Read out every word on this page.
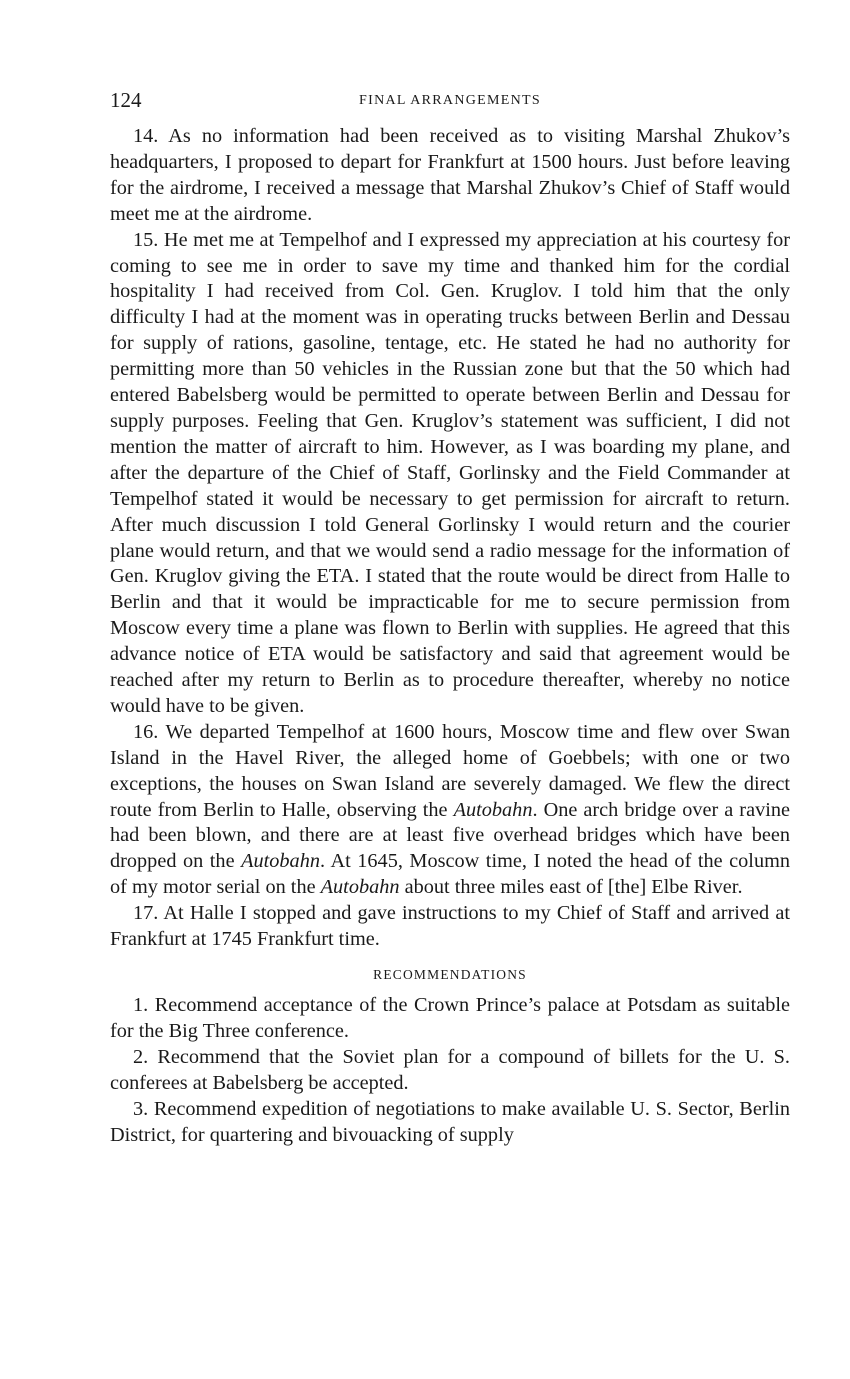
124	FINAL ARRANGEMENTS

14. As no information had been received as to visiting Marshal Zhukov’s headquarters, I proposed to depart for Frankfurt at 1500 hours. Just before leaving for the airdrome, I received a message that Marshal Zhukov’s Chief of Staff would meet me at the airdrome.

15. He met me at Tempelhof and I expressed my appreciation at his courtesy for coming to see me in order to save my time and thanked him for the cordial hospitality I had received from Col. Gen. Kruglov. I told him that the only difficulty I had at the moment was in operating trucks between Berlin and Dessau for supply of rations, gasoline, tentage, etc. He stated he had no authority for permitting more than 50 vehicles in the Russian zone but that the 50 which had entered Babelsberg would be permitted to operate between Berlin and Dessau for supply purposes. Feeling that Gen. Kruglov’s statement was sufficient, I did not mention the matter of aircraft to him. However, as I was boarding my plane, and after the departure of the Chief of Staff, Gorlinsky and the Field Commander at Tempelhof stated it would be necessary to get permission for aircraft to return. After much discussion I told General Gorlinsky I would return and the courier plane would return, and that we would send a radio message for the information of Gen. Kruglov giving the ETA. I stated that the route would be direct from Halle to Berlin and that it would be impracticable for me to secure permission from Moscow every time a plane was flown to Berlin with supplies. He agreed that this advance notice of ETA would be satisfactory and said that agreement would be reached after my return to Berlin as to procedure thereafter, whereby no notice would have to be given.

16. We departed Tempelhof at 1600 hours, Moscow time and flew over Swan Island in the Havel River, the alleged home of Goebbels; with one or two exceptions, the houses on Swan Island are severely damaged. We flew the direct route from Berlin to Halle, observing the Autobahn. One arch bridge over a ravine had been blown, and there are at least five overhead bridges which have been dropped on the Autobahn. At 1645, Moscow time, I noted the head of the column of my motor serial on the Autobahn about three miles east of [the] Elbe River.

17. At Halle I stopped and gave instructions to my Chief of Staff and arrived at Frankfurt at 1745 Frankfurt time.

RECOMMENDATIONS

1. Recommend acceptance of the Crown Prince’s palace at Potsdam as suitable for the Big Three conference.

2. Recommend that the Soviet plan for a compound of billets for the U. S. conferees at Babelsberg be accepted.

3. Recommend expedition of negotiations to make available U. S. Sector, Berlin District, for quartering and bivouacking of supply
